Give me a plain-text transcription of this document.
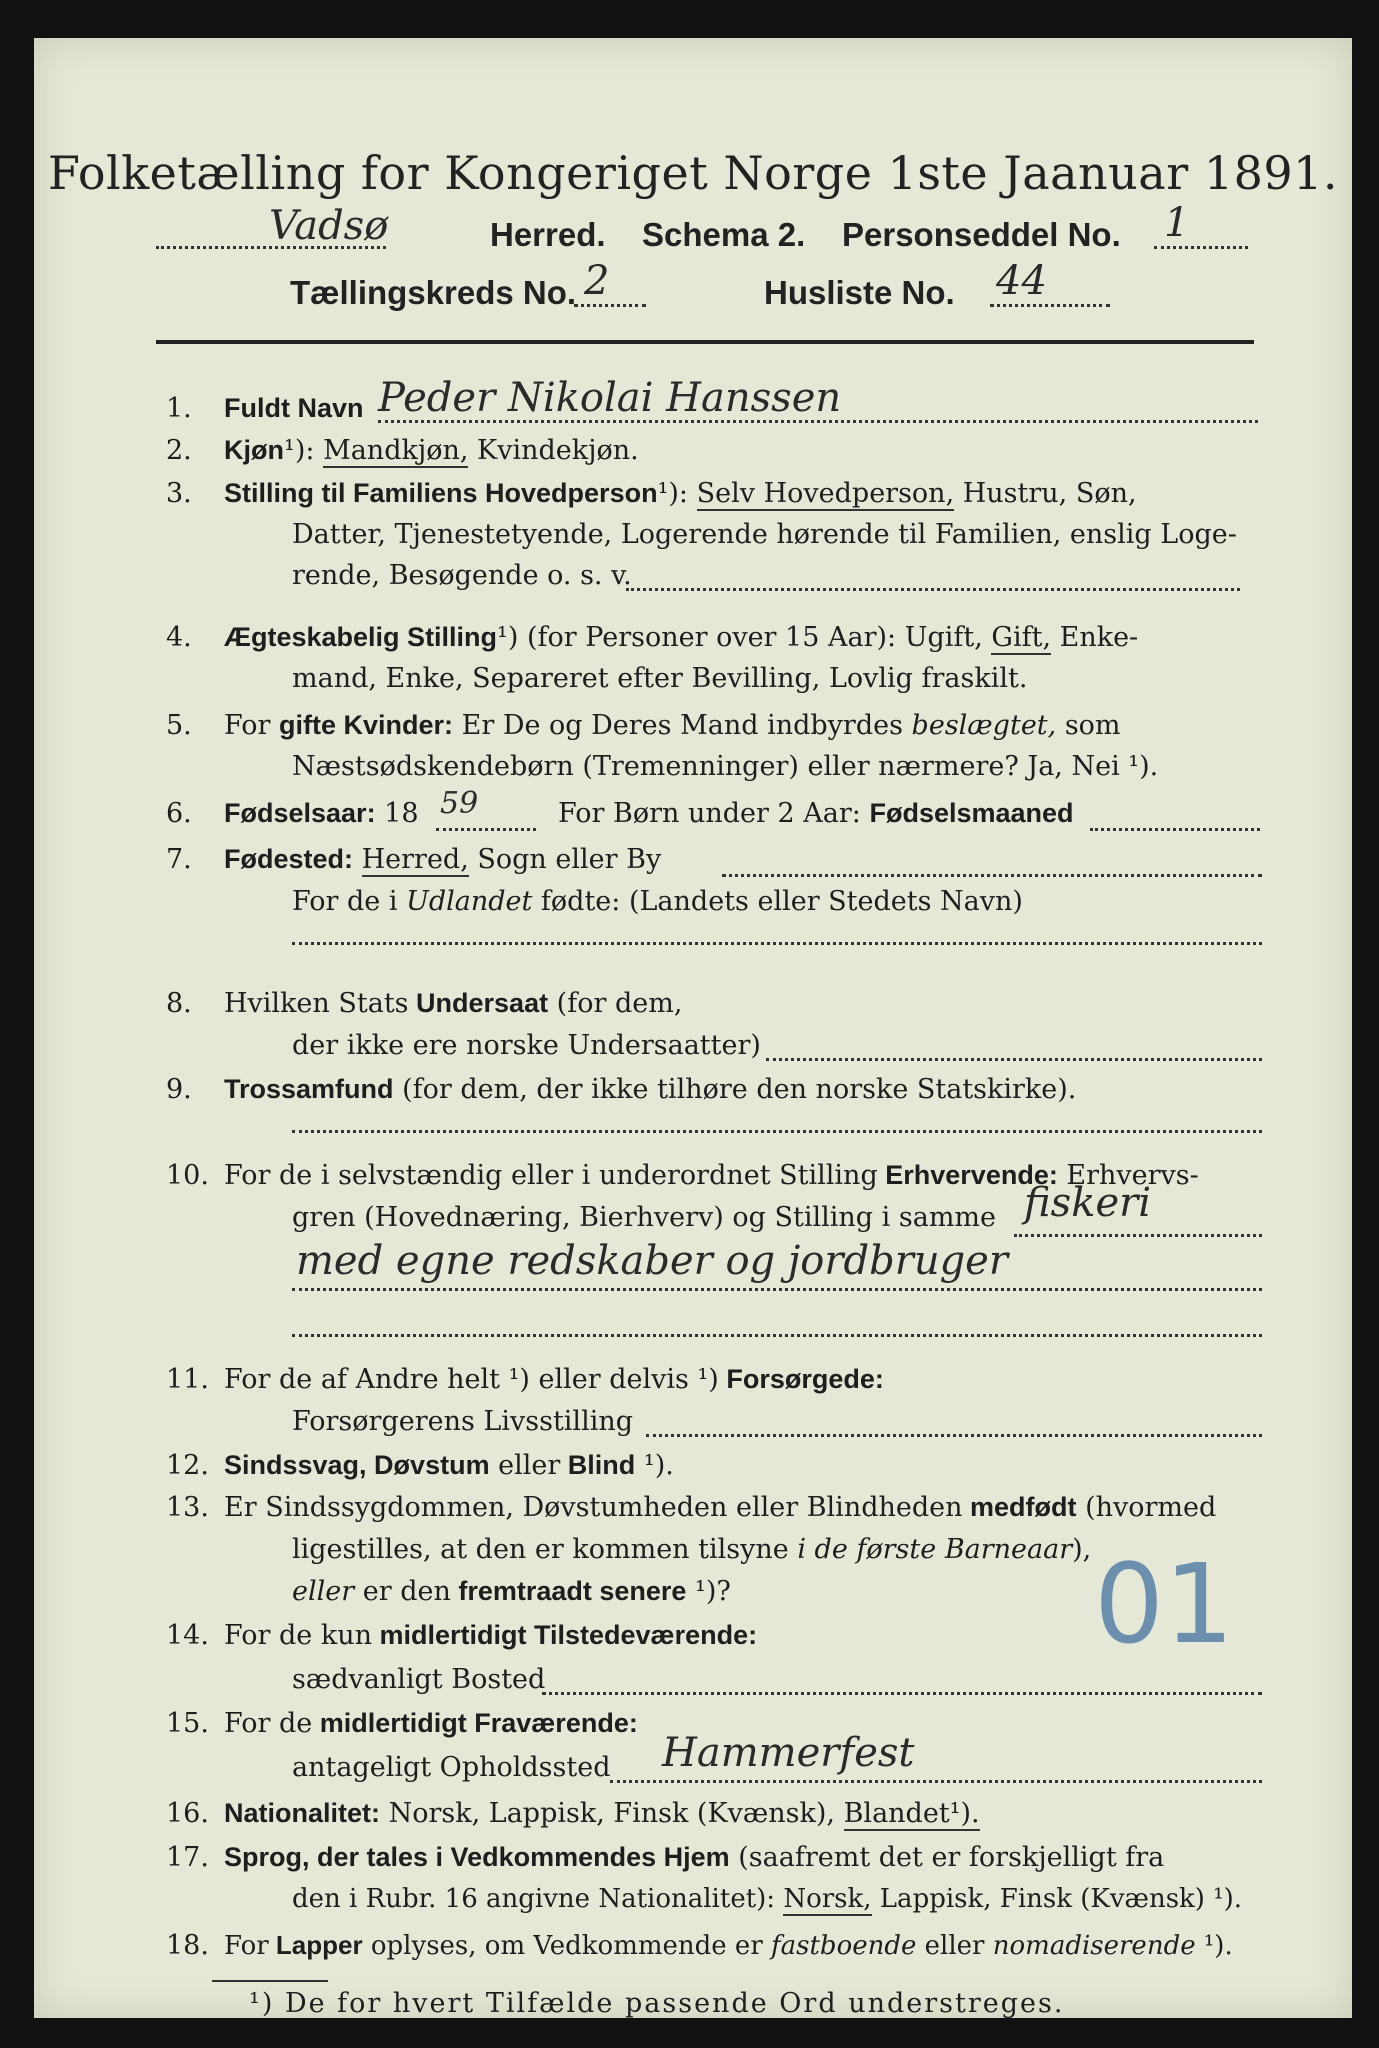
Folketælling for Kongeriget Norge 1ste Jaanuar 1891.
Vadsø	Herred. Schema 2. Personseddel No. 1
Tællingskreds No. 2	Husliste No. 44
1.	Fuldt Navn Peder Nikolai Hanssen
2.	Kjøn¹): Mandkjøn, Kvindekjøn.
3.	Stilling til Familiens Hovedperson¹): Selv Hovedperson, Hustru, Søn,
Datter, Tjenestetyende, Logerende hørende til Familien, enslig Loge-
rende, Besøgende o. s. v.
4.	Ægteskabelig Stilling¹) (for Personer over 15 Aar): Ugift, Gift, Enke-
mand, Enke, Separeret efter Bevilling, Lovlig fraskilt.
5.	For gifte Kvinder: Er De og Deres Mand indbyrdes beslægtet, som
Næstsødskendebørn (Tremenninger) eller nærmere? Ja, Nei ¹).
6.	Fødselsaar: 18 59	For Børn under 2 Aar: Fødselsmaaned
7.	Fødested: Herred, Sogn eller By
For de i Udlandet fødte: (Landets eller Stedets Navn)
8.	Hvilken Stats Undersaat (for dem,
der ikke ere norske Undersaatter)
9.	Trossamfund (for dem, der ikke tilhøre den norske Statskirke).
10. For de i selvstændig eller i underordnet Stilling Erhvervende: Erhvervs-
gren (Hovednæring, Bierhverv) og Stilling i samme fiskeri
med egne redskaber og jordbruger
11. For de af Andre helt ¹) eller delvis ¹) Forsørgede:
Forsørgerens Livsstilling
12. Sindssvag, Døvstum eller Blind ¹).
13. Er Sindssygdommen, Døvstumheden eller Blindheden medfødt (hvormed
ligestilles, at den er kommen tilsyne i de første Barneaar),
eller er den fremtraadt senere ¹)?	01
14. For de kun midlertidigt Tilstedeværende:
sædvanligt Bosted
15. For de midlertidigt Fraværende:
antageligt Opholdssted Hammerfest
16. Nationalitet: Norsk, Lappisk, Finsk (Kvænsk), Blandet¹).
17. Sprog, der tales i Vedkommendes Hjem (saafremt det er forskjelligt fra
den i Rubr. 16 angivne Nationalitet): Norsk, Lappisk, Finsk (Kvænsk) ¹).
18. For Lapper oplyses, om Vedkommende er fastboende eller nomadiserende ¹).
¹) De for hvert Tilfælde passende Ord understreges.
